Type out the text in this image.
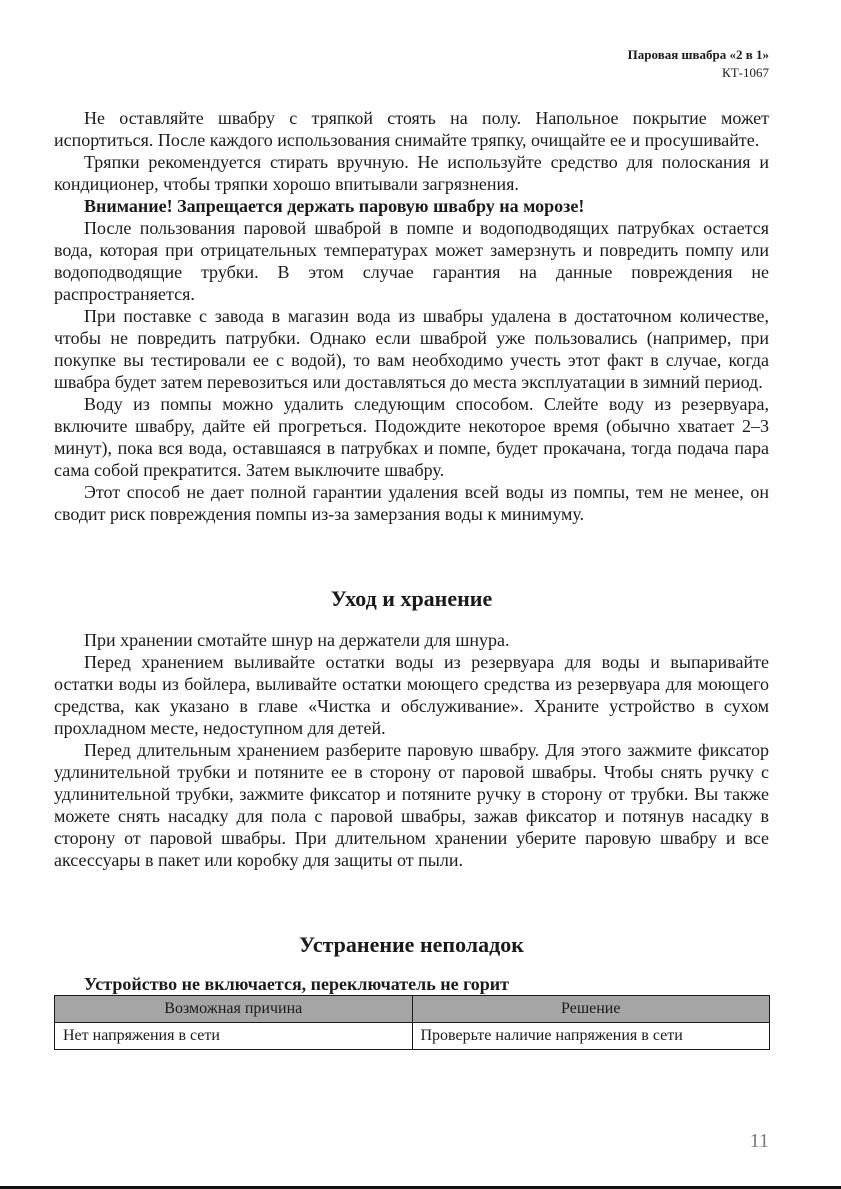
Паровая швабра «2 в 1»
КТ-1067

Не оставляйте швабру с тряпкой стоять на полу. Напольное покрытие может испортиться. После каждого использования снимайте тряпку, очищайте ее и просушивайте.

Тряпки рекомендуется стирать вручную. Не используйте средство для полоскания и кондиционер, чтобы тряпки хорошо впитывали загрязнения.

Внимание! Запрещается держать паровую швабру на морозе!

После пользования паровой шваброй в помпе и водоподводящих патрубках остается вода, которая при отрицательных температурах может замерзнуть и повредить помпу или водоподводящие трубки. В этом случае гарантия на данные повреждения не распространяется.

При поставке с завода в магазин вода из швабры удалена в достаточном количестве, чтобы не повредить патрубки. Однако если шваброй уже пользовались (например, при покупке вы тестировали ее с водой), то вам необходимо учесть этот факт в случае, когда швабра будет затем перевозиться или доставляться до места эксплуатации в зимний период.

Воду из помпы можно удалить следующим способом. Слейте воду из резервуара, включите швабру, дайте ей прогреться. Подождите некоторое время (обычно хватает 2–3 минут), пока вся вода, оставшаяся в патрубках и помпе, будет прокачана, тогда подача пара сама собой прекратится. Затем выключите швабру.

Этот способ не дает полной гарантии удаления всей воды из помпы, тем не менее, он сводит риск повреждения помпы из-за замерзания воды к минимуму.

Уход и хранение

При хранении смотайте шнур на держатели для шнура.

Перед хранением выливайте остатки воды из резервуара для воды и выпаривайте остатки воды из бойлера, выливайте остатки моющего средства из резервуара для моющего средства, как указано в главе «Чистка и обслуживание». Храните устройство в сухом прохладном месте, недоступном для детей.

Перед длительным хранением разберите паровую швабру. Для этого зажмите фиксатор удлинительной трубки и потяните ее в сторону от паровой швабры. Чтобы снять ручку с удлинительной трубки, зажмите фиксатор и потяните ручку в сторону от трубки. Вы также можете снять насадку для пола с паровой швабры, зажав фиксатор и потянув насадку в сторону от паровой швабры. При длительном хранении уберите паровую швабру и все аксессуары в пакет или коробку для защиты от пыли.

Устранение неполадок

Устройство не включается, переключатель не горит

Возможная причина	Решение
Нет напряжения в сети	Проверьте наличие напряжения в сети
11
